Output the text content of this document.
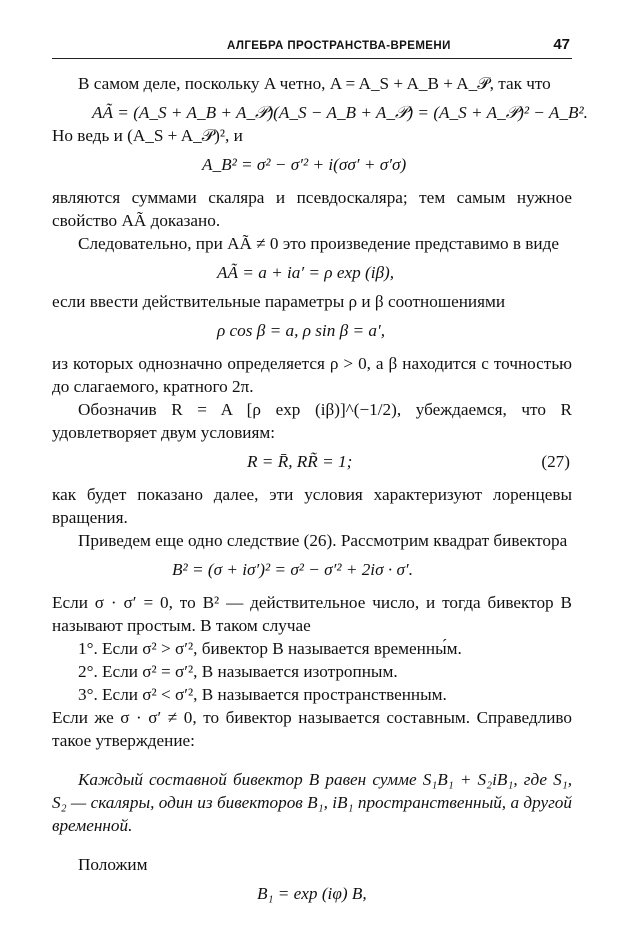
АЛГЕБРА ПРОСТРАНСТВА-ВРЕМЕНИ	47

В самом деле, поскольку A четно, A = A_S + A_B + A_𝒫, так что

AÃ = (A_S + A_B + A_𝒫)(A_S − A_B + A_𝒫) = (A_S + A_𝒫)² − A_B².

Но ведь и (A_S + A_𝒫)², и

A_B² = σ² − σ′² + i(σσ′ + σ′σ)

являются суммами скаляра и псевдоскаляра; тем самым нужное свойство AÃ доказано.

Следовательно, при AÃ ≠ 0 это произведение представимо в виде

AÃ = a + ia′ = ρ exp (iβ),

если ввести действительные параметры ρ и β соотношениями

ρ cos β = a, ρ sin β = a′,

из которых однозначно определяется ρ > 0, а β находится с точностью до слагаемого, кратного 2π.

Обозначив R = A [ρ exp (iβ)]^(−1/2), убеждаемся, что R удовлетворяет двум условиям:

R = R̄, RR̃ = 1;	(27)

как будет показано далее, эти условия характеризуют лоренцевы вращения.

Приведем еще одно следствие (26). Рассмотрим квадрат бивектора

B² = (σ + iσ′)² = σ² − σ′² + 2iσ · σ′.

Если σ · σ′ = 0, то B² — действительное число, и тогда бивектор B называют простым. В таком случае

1°. Если σ² > σ′², бивектор B называется временны́м.

2°. Если σ² = σ′², B называется изотропным.

3°. Если σ² < σ′², B называется пространственным.

Если же σ · σ′ ≠ 0, то бивектор называется составным. Справедливо такое утверждение:

Каждый составной бивектор B равен сумме S₁B₁ + S₂iB₁, где S₁, S₂ — скаляры, один из бивекторов B₁, iB₁ пространственный, а другой временной.

Положим

B₁ = exp (iφ) B,
